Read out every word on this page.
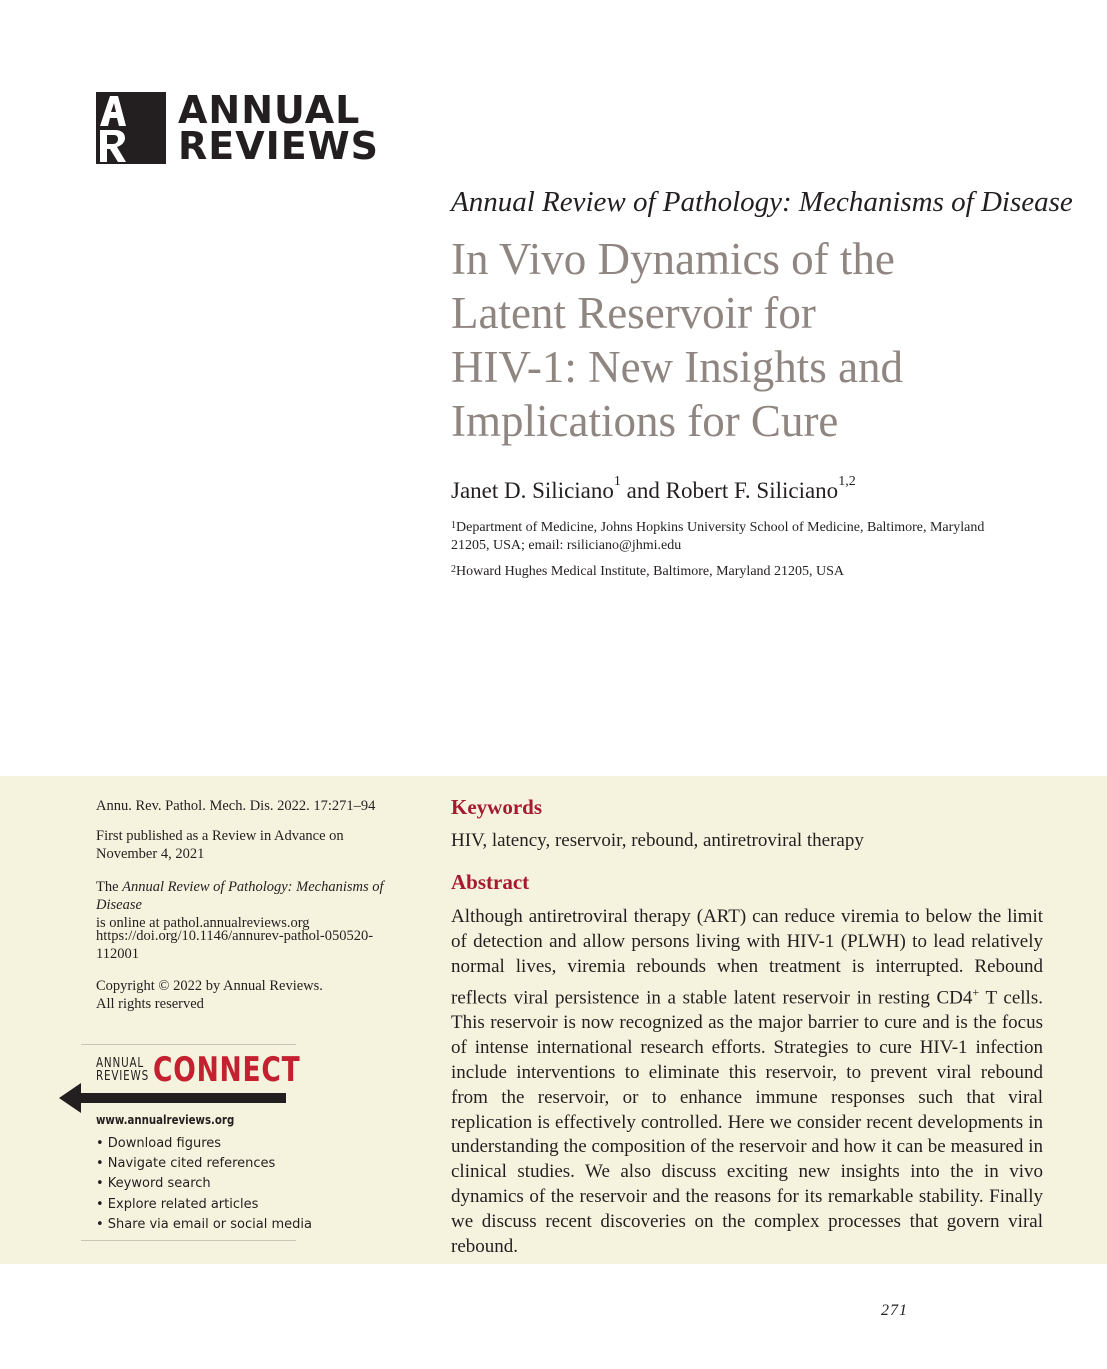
ANNUAL
REVIEWS
Annual Review of Pathology: Mechanisms of Disease
In Vivo Dynamics of the
Latent Reservoir for
HIV-1: New Insights and
Implications for Cure
Janet D. Siliciano$^1$ and Robert F. Siliciano$^{1,2}$
$^1$Department of Medicine, Johns Hopkins University School of Medicine, Baltimore, Maryland 21205, USA; email: rsiliciano@jhmi.edu
$^2$Howard Hughes Medical Institute, Baltimore, Maryland 21205, USA
Annu. Rev. Pathol. Mech. Dis. 2022. 17:271–94
First published as a Review in Advance on
November 4, 2021
The Annual Review of Pathology: Mechanisms of Disease
is online at pathol.annualreviews.org
https://doi.org/10.1146/annurev-pathol-050520-
112001
Copyright © 2022 by Annual Reviews.
All rights reserved
ANNUAL
REVIEWS CONNECT
www.annualreviews.org
• Download figures
• Navigate cited references
• Keyword search
• Explore related articles
• Share via email or social media
Keywords
HIV, latency, reservoir, rebound, antiretroviral therapy
Abstract
Although antiretroviral therapy (ART) can reduce viremia to below the limit of detection and allow persons living with HIV-1 (PLWH) to lead relatively normal lives, viremia rebounds when treatment is interrupted. Rebound reflects viral persistence in a stable latent reservoir in resting CD4+ T cells. This reservoir is now recognized as the major barrier to cure and is the focus of intense international research efforts. Strategies to cure HIV-1 infection include interventions to eliminate this reservoir, to prevent viral rebound from the reservoir, or to enhance immune responses such that viral replication is effectively controlled. Here we consider recent developments in understanding the composition of the reservoir and how it can be measured in clinical studies. We also discuss exciting new insights into the in vivo dynamics of the reservoir and the reasons for its remarkable stability. Finally we discuss recent discoveries on the complex processes that govern viral rebound.
271
